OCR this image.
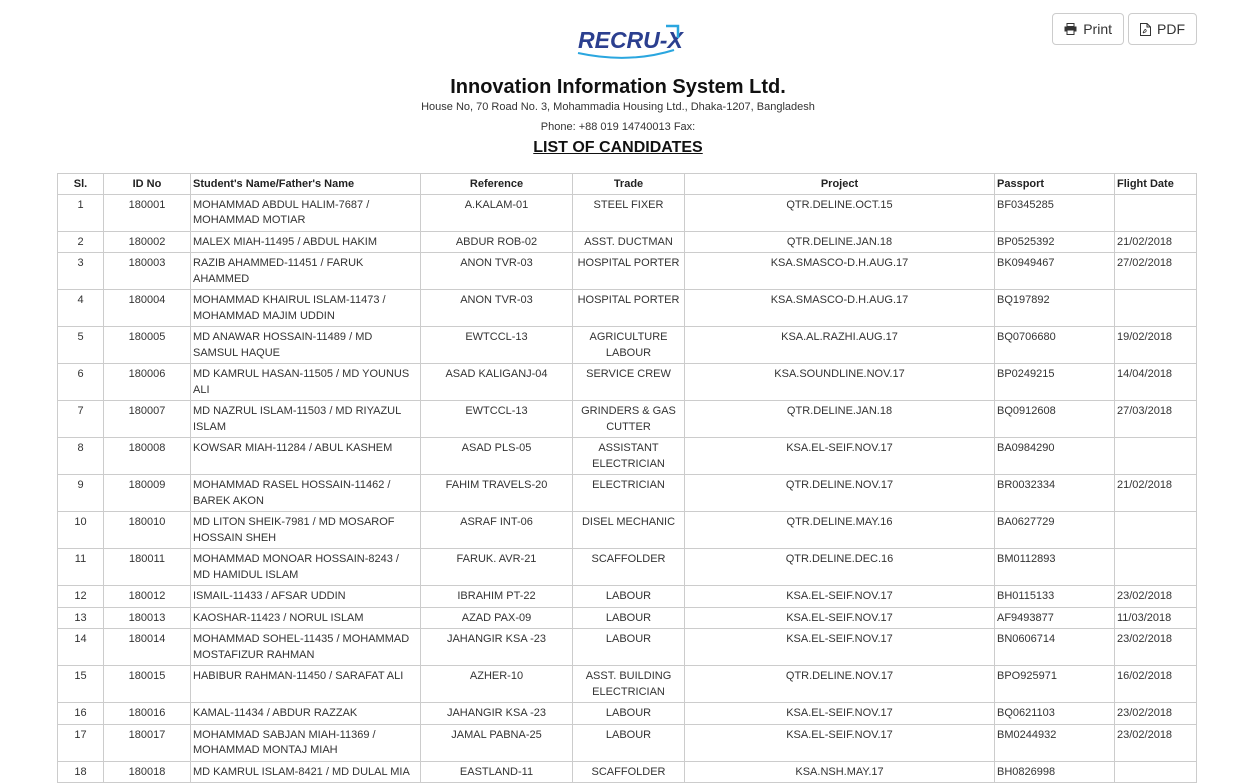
RECRU-X	Print	PDF
Innovation Information System Ltd.
House No, 70 Road No. 3, Mohammadia Housing Ltd., Dhaka-1207, Bangladesh
Phone: +88 019 14740013 Fax:
LIST OF CANDIDATES
Sl.	ID No	Student's Name/Father's Name	Reference	Trade	Project	Passport	Flight Date
1	180001	MOHAMMAD ABDUL HALIM-7687 / MOHAMMAD MOTIAR	A.KALAM-01	STEEL FIXER	QTR.DELINE.OCT.15	BF0345285	
2	180002	MALEX MIAH-11495 / ABDUL HAKIM	ABDUR ROB-02	ASST. DUCTMAN	QTR.DELINE.JAN.18	BP0525392	21/02/2018
3	180003	RAZIB AHAMMED-11451 / FARUK AHAMMED	ANON TVR-03	HOSPITAL PORTER	KSA.SMASCO-D.H.AUG.17	BK0949467	27/02/2018
4	180004	MOHAMMAD KHAIRUL ISLAM-11473 / MOHAMMAD MAJIM UDDIN	ANON TVR-03	HOSPITAL PORTER	KSA.SMASCO-D.H.AUG.17	BQ197892	
5	180005	MD ANAWAR HOSSAIN-11489 / MD SAMSUL HAQUE	EWTCCL-13	AGRICULTURE LABOUR	KSA.AL.RAZHI.AUG.17	BQ0706680	19/02/2018
6	180006	MD KAMRUL HASAN-11505 / MD YOUNUS ALI	ASAD KALIGANJ-04	SERVICE CREW	KSA.SOUNDLINE.NOV.17	BP0249215	14/04/2018
7	180007	MD NAZRUL ISLAM-11503 / MD RIYAZUL ISLAM	EWTCCL-13	GRINDERS & GAS CUTTER	QTR.DELINE.JAN.18	BQ0912608	27/03/2018
8	180008	KOWSAR MIAH-11284 / ABUL KASHEM	ASAD PLS-05	ASSISTANT ELECTRICIAN	KSA.EL-SEIF.NOV.17	BA0984290	
9	180009	MOHAMMAD RASEL HOSSAIN-11462 / BAREK AKON	FAHIM TRAVELS-20	ELECTRICIAN	QTR.DELINE.NOV.17	BR0032334	21/02/2018
10	180010	MD LITON SHEIK-7981 / MD MOSAROF HOSSAIN SHEH	ASRAF INT-06	DISEL MECHANIC	QTR.DELINE.MAY.16	BA0627729	
11	180011	MOHAMMAD MONOAR HOSSAIN-8243 / MD HAMIDUL ISLAM	FARUK. AVR-21	SCAFFOLDER	QTR.DELINE.DEC.16	BM0112893	
12	180012	ISMAIL-11433 / AFSAR UDDIN	IBRAHIM PT-22	LABOUR	KSA.EL-SEIF.NOV.17	BH0115133	23/02/2018
13	180013	KAOSHAR-11423 / NORUL ISLAM	AZAD PAX-09	LABOUR	KSA.EL-SEIF.NOV.17	AF9493877	11/03/2018
14	180014	MOHAMMAD SOHEL-11435 / MOHAMMAD MOSTAFIZUR RAHMAN	JAHANGIR KSA -23	LABOUR	KSA.EL-SEIF.NOV.17	BN0606714	23/02/2018
15	180015	HABIBUR RAHMAN-11450 / SARAFAT ALI	AZHER-10	ASST. BUILDING ELECTRICIAN	QTR.DELINE.NOV.17	BPO925971	16/02/2018
16	180016	KAMAL-11434 / ABDUR RAZZAK	JAHANGIR KSA -23	LABOUR	KSA.EL-SEIF.NOV.17	BQ0621103	23/02/2018
17	180017	MOHAMMAD SABJAN MIAH-11369 / MOHAMMAD MONTAJ MIAH	JAMAL PABNA-25	LABOUR	KSA.EL-SEIF.NOV.17	BM0244932	23/02/2018
18	180018	MD KAMRUL ISLAM-8421 / MD DULAL MIA	EASTLAND-11	SCAFFOLDER	KSA.NSH.MAY.17	BH0826998	
